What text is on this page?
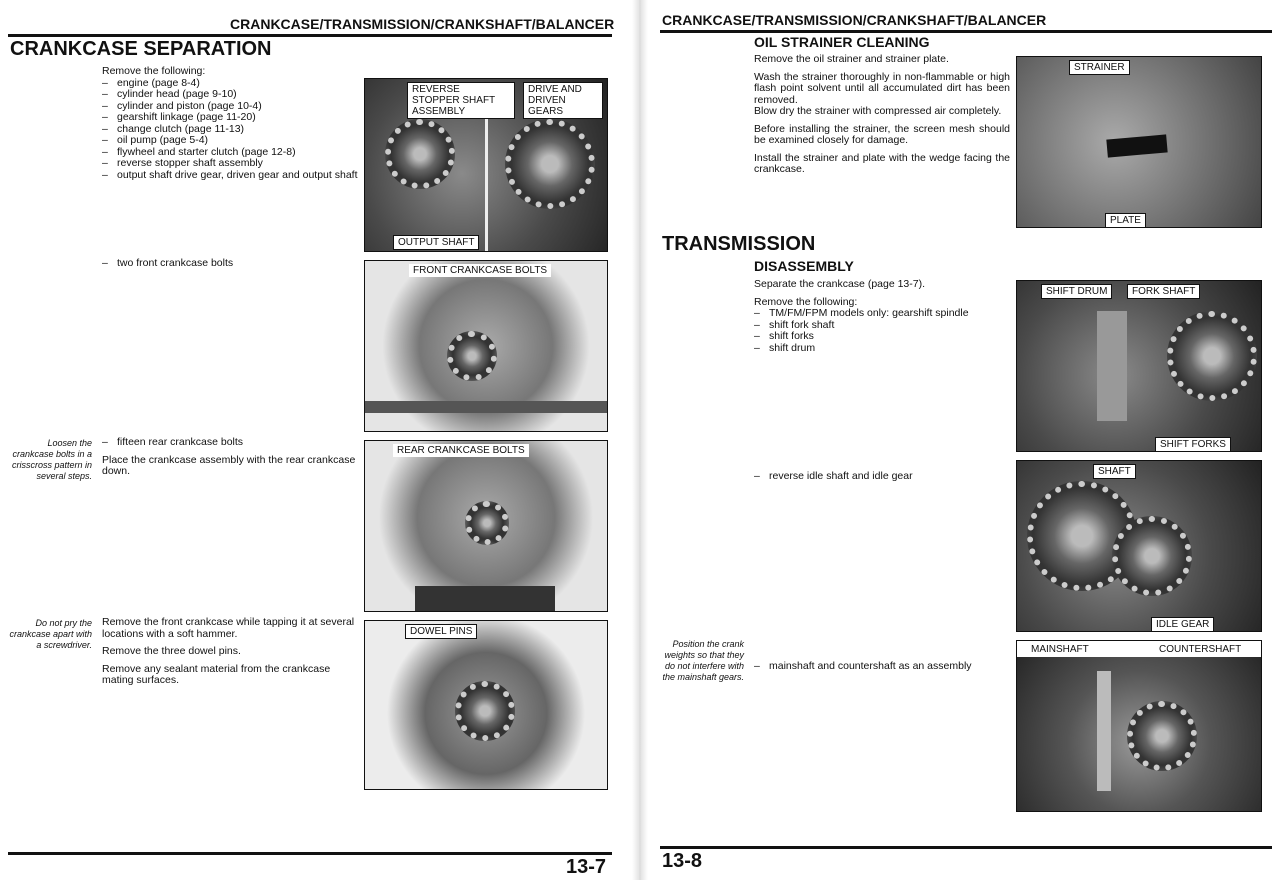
CRANKCASE/TRANSMISSION/CRANKSHAFT/BALANCER
CRANKCASE SEPARATION
Remove the following:
– engine (page 8-4)
– cylinder head (page 9-10)
– cylinder and piston (page 10-4)
– gearshift linkage (page 11-20)
– change clutch (page 11-13)
– oil pump (page 5-4)
– flywheel and starter clutch (page 12-8)
– reverse stopper shaft assembly
– output shaft drive gear, driven gear and output shaft
REVERSE STOPPER SHAFT ASSEMBLY
DRIVE AND DRIVEN GEARS
OUTPUT SHAFT
– two front crankcase bolts
FRONT CRANKCASE BOLTS
Loosen the crankcase bolts in a crisscross pattern in several steps.

– fifteen rear crankcase bolts

Place the crankcase assembly with the rear crankcase down.

REAR CRANKCASE BOLTS
Do not pry the crankcase apart with a screwdriver.

Remove the front crankcase while tapping it at several locations with a soft hammer.

Remove the three dowel pins.

Remove any sealant material from the crankcase mating surfaces.

DOWEL PINS
13-7
CRANKCASE/TRANSMISSION/CRANKSHAFT/BALANCER
OIL STRAINER CLEANING

Remove the oil strainer and strainer plate.

Wash the strainer thoroughly in non-flammable or high flash point solvent until all accumulated dirt has been removed.

Blow dry the strainer with compressed air completely.

Before installing the strainer, the screen mesh should be examined closely for damage.

Install the strainer and plate with the wedge facing the crankcase.

STRAINER
PLATE
TRANSMISSION
DISASSEMBLY

Separate the crankcase (page 13-7).

Remove the following:
– TM/FM/FPM models only: gearshift spindle
– shift fork shaft
– shift forks
– shift drum
SHIFT DRUM	FORK SHAFT
SHIFT FORKS
– reverse idle shaft and idle gear	SHAFT
IDLE GEAR
Position the crank weights so that they do not interfere with the mainshaft gears.
– mainshaft and countershaft as an assembly
MAINSHAFT	COUNTERSHAFT
13-8
